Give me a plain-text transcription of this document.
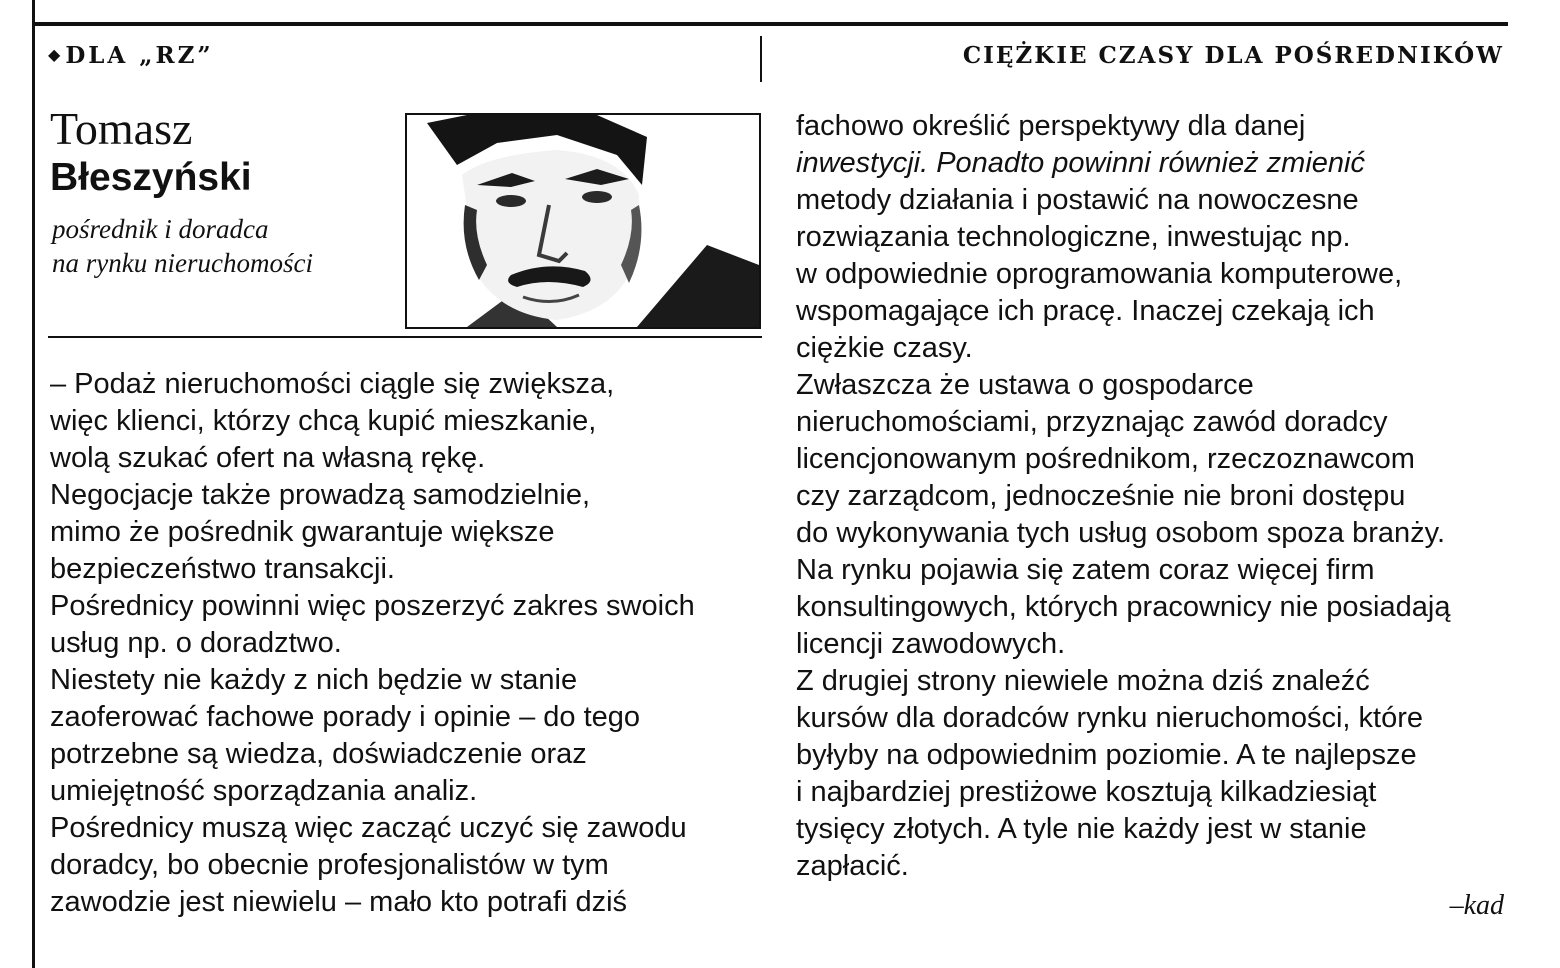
◆DLA „RZ”	CIĘŻKIE CZASY DLA POŚREDNIKÓW
Tomasz
Błeszyński
pośrednik i doradca
na rynku nieruchomości
– Podaż nieruchomości ciągle się zwiększa,
więc klienci, którzy chcą kupić mieszkanie,
wolą szukać ofert na własną rękę.
Negocjacje także prowadzą samodzielnie,
mimo że pośrednik gwarantuje większe
bezpieczeństwo transakcji.
Pośrednicy powinni więc poszerzyć zakres swoich
usług np. o doradztwo.
Niestety nie każdy z nich będzie w stanie
zaoferować fachowe porady i opinie – do tego
potrzebne są wiedza, doświadczenie oraz
umiejętność sporządzania analiz.
Pośrednicy muszą więc zacząć uczyć się zawodu
doradcy, bo obecnie profesjonalistów w tym
zawodzie jest niewielu – mało kto potrafi dziś
fachowo określić perspektywy dla danej
inwestycji. Ponadto powinni również zmienić
metody działania i postawić na nowoczesne
rozwiązania technologiczne, inwestując np.
w odpowiednie oprogramowania komputerowe,
wspomagające ich pracę. Inaczej czekają ich
ciężkie czasy.
Zwłaszcza że ustawa o gospodarce
nieruchomościami, przyznając zawód doradcy
licencjonowanym pośrednikom, rzeczoznawcom
czy zarządcom, jednocześnie nie broni dostępu
do wykonywania tych usług osobom spoza branży.
Na rynku pojawia się zatem coraz więcej firm
konsultingowych, których pracownicy nie posiadają
licencji zawodowych.
Z drugiej strony niewiele można dziś znaleźć
kursów dla doradców rynku nieruchomości, które
byłyby na odpowiednim poziomie. A te najlepsze
i najbardziej prestiżowe kosztują kilkadziesiąt
tysięcy złotych. A tyle nie każdy jest w stanie
zapłacić.
–kad
